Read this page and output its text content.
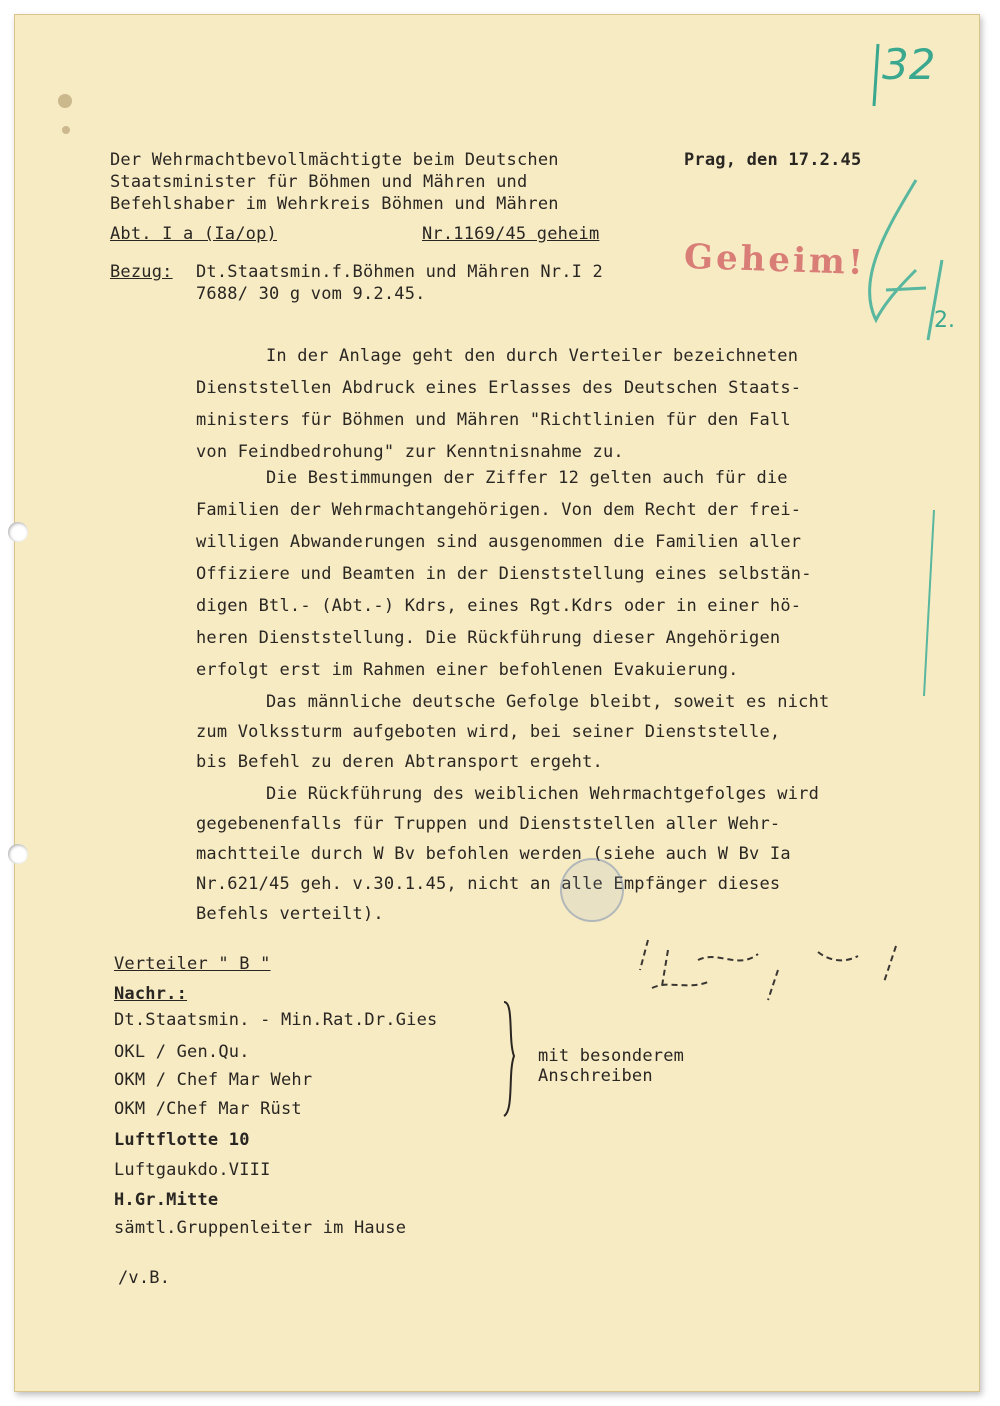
32
Der Wehrmachtbevollmächtigte beim Deutschen
Staatsminister für Böhmen und Mähren und
Befehlshaber im Wehrkreis Böhmen und Mähren
Prag, den 17.2.45
Abt. I a (Ia/op)	Nr.1169/45 geheim
Geheim!
2.
Bezug: Dt.Staatsmin.f.Böhmen und Mähren Nr.I 2
7688/ 30 g vom 9.2.45.
In der Anlage geht den durch Verteiler bezeichneten
Dienststellen Abdruck eines Erlasses des Deutschen Staats-
ministers für Böhmen und Mähren "Richtlinien für den Fall
von Feindbedrohung" zur Kenntnisnahme zu.
Die Bestimmungen der Ziffer 12 gelten auch für die
Familien der Wehrmachtangehörigen. Von dem Recht der frei-
willigen Abwanderungen sind ausgenommen die Familien aller
Offiziere und Beamten in der Dienststellung eines selbstän-
digen Btl.- (Abt.-) Kdrs, eines Rgt.Kdrs oder in einer hö-
heren Dienststellung. Die Rückführung dieser Angehörigen
erfolgt erst im Rahmen einer befohlenen Evakuierung.
Das männliche deutsche Gefolge bleibt, soweit es nicht
zum Volkssturm aufgeboten wird, bei seiner Dienststelle,
bis Befehl zu deren Abtransport ergeht.
Die Rückführung des weiblichen Wehrmachtgefolges wird
gegebenenfalls für Truppen und Dienststellen aller Wehr-
machtteile durch W Bv befohlen werden (siehe auch W Bv Ia
Nr.621/45 geh. v.30.1.45, nicht an alle Empfänger dieses
Befehls verteilt).
Verteiler " B "
Nachr.:
Dt.Staatsmin. - Min.Rat.Dr.Gies
OKL / Gen.Qu.
OKM / Chef Mar Wehr
OKM /Chef Mar Rüst
Luftflotte 10
Luftgaukdo.VIII
H.Gr.Mitte
sämtl.Gruppenleiter im Hause
mit besonderem
Anschreiben
/v.B.
